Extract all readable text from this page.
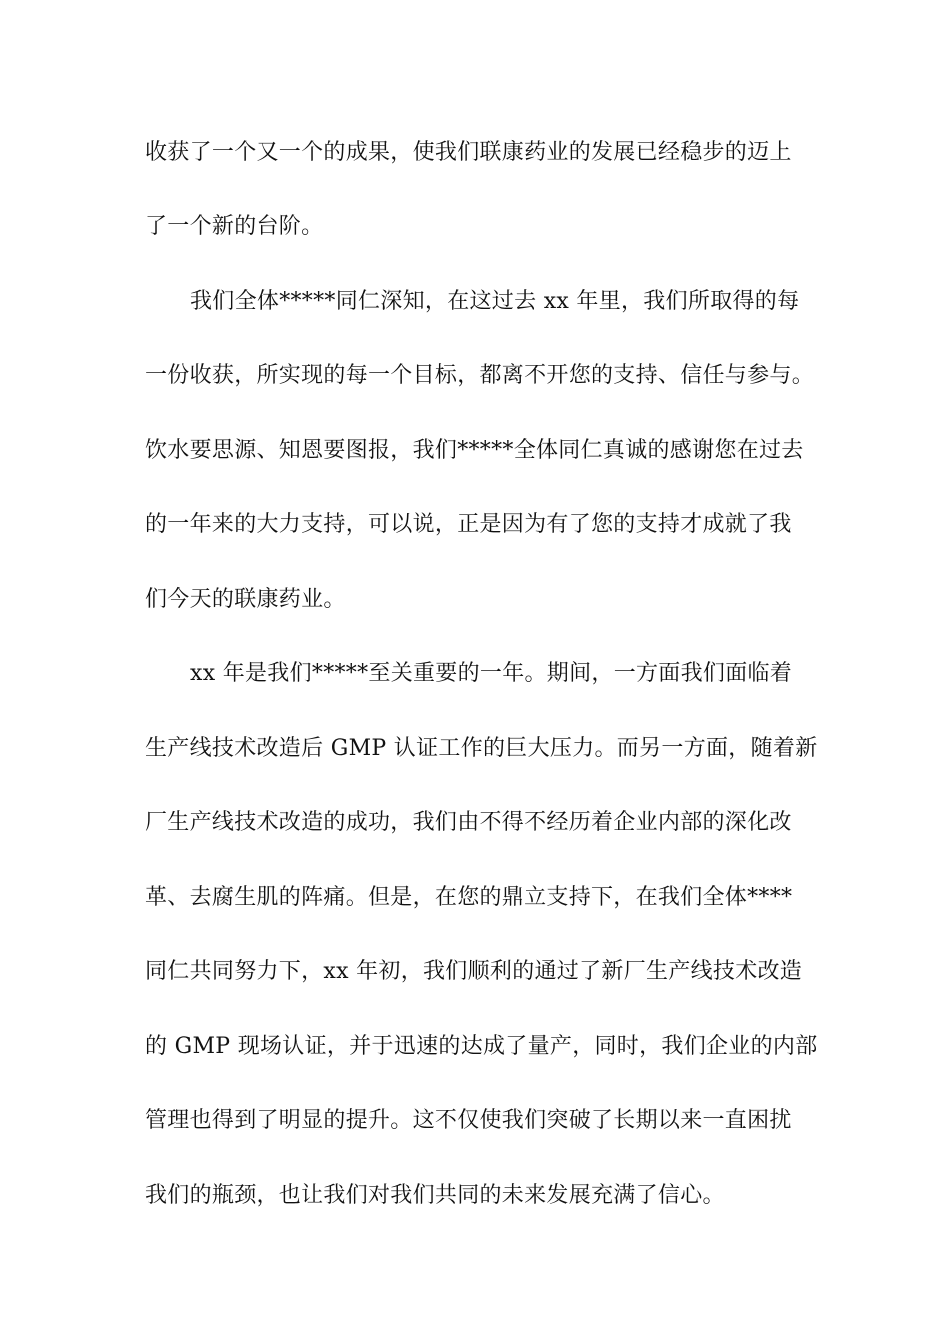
收获了一个又一个的成果，使我们联康药业的发展已经稳步的迈上
了一个新的台阶。
我们全体*****同仁深知，在这过去 xx 年里，我们所取得的每
一份收获，所实现的每一个目标，都离不开您的支持、信任与参与。
饮水要思源、知恩要图报，我们*****全体同仁真诚的感谢您在过去
的一年来的大力支持，可以说，正是因为有了您的支持才成就了我
们今天的联康药业。
xx 年是我们*****至关重要的一年。期间，一方面我们面临着
生产线技术改造后 GMP 认证工作的巨大压力。而另一方面，随着新
厂生产线技术改造的成功，我们由不得不经历着企业内部的深化改
革、去腐生肌的阵痛。但是，在您的鼎立支持下，在我们全体****
同仁共同努力下，xx 年初，我们顺利的通过了新厂生产线技术改造
的 GMP 现场认证，并于迅速的达成了量产，同时，我们企业的内部
管理也得到了明显的提升。这不仅使我们突破了长期以来一直困扰
我们的瓶颈，也让我们对我们共同的未来发展充满了信心。
